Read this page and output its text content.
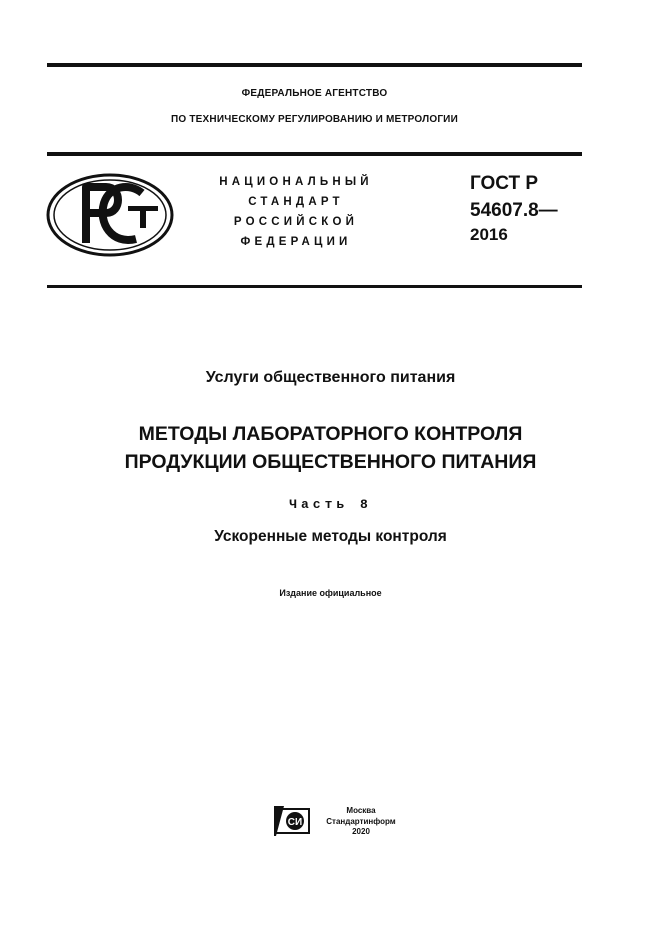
ФЕДЕРАЛЬНОЕ АГЕНТСТВО
ПО ТЕХНИЧЕСКОМУ РЕГУЛИРОВАНИЮ И МЕТРОЛОГИИ
НАЦИОНАЛЬНЫЙ
СТАНДАРТ
РОССИЙСКОЙ
ФЕДЕРАЦИИ
ГОСТ Р
54607.8—
2016
Услуги общественного питания
МЕТОДЫ ЛАБОРАТОРНОГО КОНТРОЛЯ
ПРОДУКЦИИ ОБЩЕСТВЕННОГО ПИТАНИЯ
Часть 8
Ускоренные методы контроля
Издание официальное
СИ
Москва
Стандартинформ
2020
